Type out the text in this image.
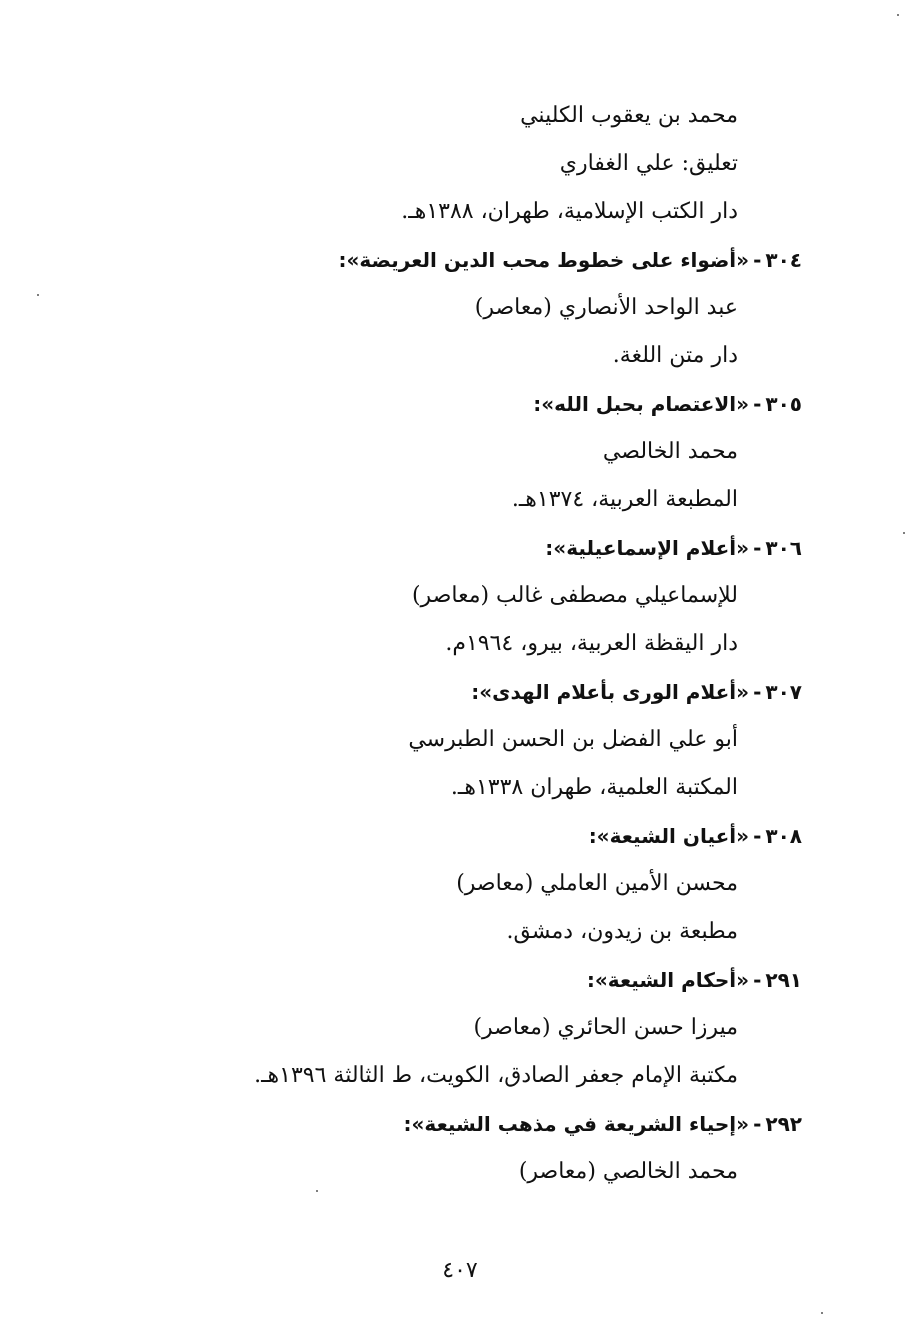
محمد بن يعقوب الكليني
تعليق: علي الغفاري
دار الكتب الإسلامية، طهران، ١٣٨٨هـ.
٣٠٤-«أضواء على خطوط محب الدين العريضة»:
عبد الواحد الأنصاري (معاصر)
دار متن اللغة.
٣٠٥-«الاعتصام بحبل الله»:
محمد الخالصي
المطبعة العربية، ١٣٧٤هـ.
٣٠٦-«أعلام الإسماعيلية»:
للإسماعيلي مصطفى غالب (معاصر)
دار اليقظة العربية، بيرو، ١٩٦٤م.
٣٠٧-«أعلام الورى بأعلام الهدى»:
أبو علي الفضل بن الحسن الطبرسي
المكتبة العلمية، طهران ١٣٣٨هـ.
٣٠٨-«أعيان الشيعة»:
محسن الأمين العاملي (معاصر)
مطبعة بن زيدون، دمشق.
٢٩١-«أحكام الشيعة»:
ميرزا حسن الحائري (معاصر)
مكتبة الإمام جعفر الصادق، الكويت، ط الثالثة ١٣٩٦هـ.
٢٩٢-«إحياء الشريعة في مذهب الشيعة»:
محمد الخالصي (معاصر)
٤٠٧
